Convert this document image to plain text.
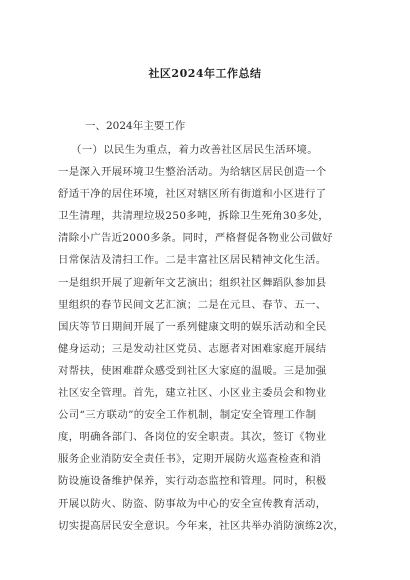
社区2024年工作总结
一、2024年主要工作
（一）以民生为重点，着力改善社区居民生活环境。
一是深入开展环境卫生整治活动。为给辖区居民创造一个
舒适干净的居住环境，社区对辖区所有街道和小区进行了
卫生清理，共清理垃圾250多吨，拆除卫生死角30多处，
清除小广告近2000多条。同时，严格督促各物业公司做好
日常保洁及清扫工作。二是丰富社区居民精神文化生活。
一是组织开展了迎新年文艺演出；组织社区舞蹈队参加县
里组织的春节民间文艺汇演；二是在元旦、春节、五一、
国庆等节日期间开展了一系列健康文明的娱乐活动和全民
健身运动；三是发动社区党员、志愿者对困难家庭开展结
对帮扶，使困难群众感受到社区大家庭的温暖。三是加强
社区安全管理。首先，建立社区、小区业主委员会和物业
公司“三方联动”的安全工作机制，制定安全管理工作制
度，明确各部门、各岗位的安全职责。其次，签订《物业
服务企业消防安全责任书》，定期开展防火巡查检查和消
防设施设备维护保养，实行动态监控和管理。同时，积极
开展以防火、防盗、防事故为中心的安全宣传教育活动，
切实提高居民安全意识。今年来，社区共举办消防演练2次，
